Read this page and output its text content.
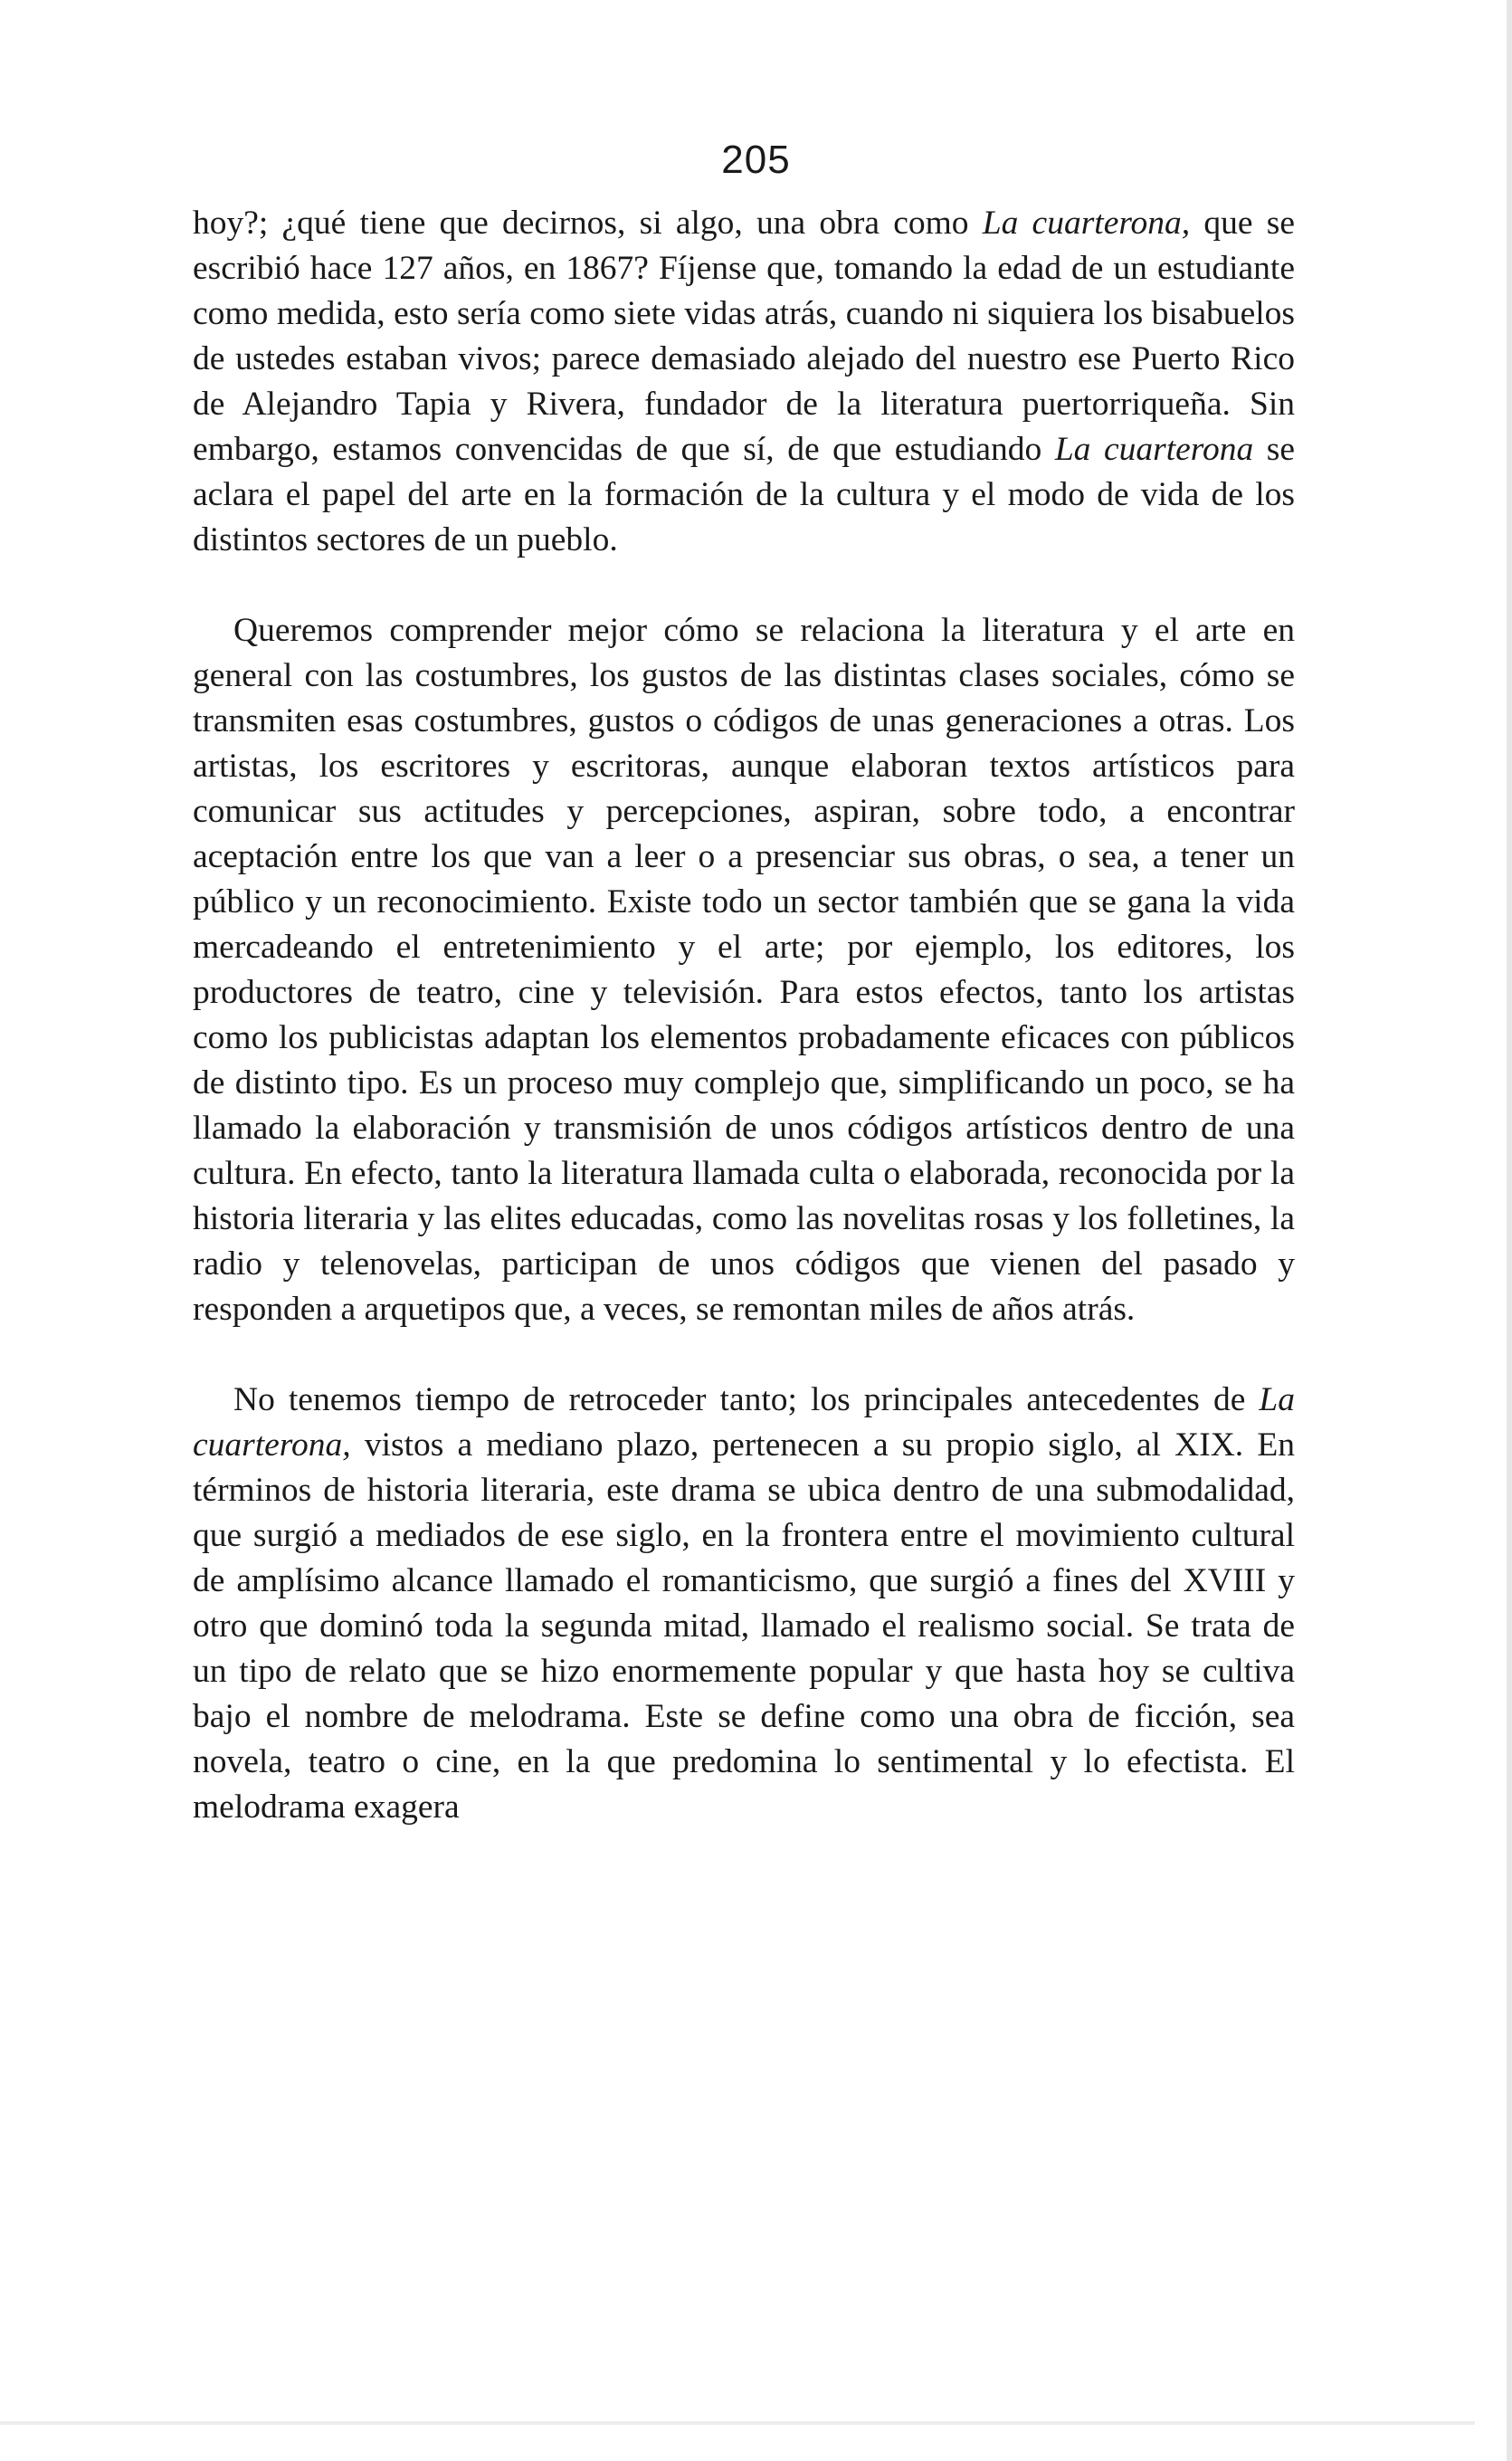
205

hoy?; ¿qué tiene que decirnos, si algo, una obra como La cuarterona, que se escribió hace 127 años, en 1867? Fíjense que, tomando la edad de un estudiante como medida, esto sería como siete vidas atrás, cuando ni siquiera los bisabuelos de ustedes estaban vivos; parece demasiado alejado del nuestro ese Puerto Rico de Alejandro Tapia y Rivera, fundador de la literatura puertorriqueña. Sin embargo, estamos convencidas de que sí, de que estudiando La cuarterona se aclara el papel del arte en la formación de la cultura y el modo de vida de los distintos sectores de un pueblo.

Queremos comprender mejor cómo se relaciona la literatura y el arte en general con las costumbres, los gustos de las distintas clases sociales, cómo se transmiten esas costumbres, gustos o códigos de unas generaciones a otras. Los artistas, los escritores y escritoras, aunque elaboran textos artísticos para comunicar sus actitudes y percepciones, aspiran, sobre todo, a encontrar aceptación entre los que van a leer o a presenciar sus obras, o sea, a tener un público y un reconocimiento. Existe todo un sector también que se gana la vida mercadeando el entretenimiento y el arte; por ejemplo, los editores, los productores de teatro, cine y televisión. Para estos efectos, tanto los artistas como los publicistas adaptan los elementos probadamente eficaces con públicos de distinto tipo. Es un proceso muy complejo que, simplificando un poco, se ha llamado la elaboración y transmisión de unos códigos artísticos dentro de una cultura. En efecto, tanto la literatura llamada culta o elaborada, reconocida por la historia literaria y las elites educadas, como las novelitas rosas y los folletines, la radio y telenovelas, participan de unos códigos que vienen del pasado y responden a arquetipos que, a veces, se remontan miles de años atrás.

No tenemos tiempo de retroceder tanto; los principales antecedentes de La cuarterona, vistos a mediano plazo, pertenecen a su propio siglo, al XIX. En términos de historia literaria, este drama se ubica dentro de una submodalidad, que surgió a mediados de ese siglo, en la frontera entre el movimiento cultural de amplísimo alcance llamado el romanticismo, que surgió a fines del XVIII y otro que dominó toda la segunda mitad, llamado el realismo social. Se trata de un tipo de relato que se hizo enormemente popular y que hasta hoy se cultiva bajo el nombre de melodrama. Este se define como una obra de ficción, sea novela, teatro o cine, en la que predomina lo sentimental y lo efectista. El melodrama exagera
